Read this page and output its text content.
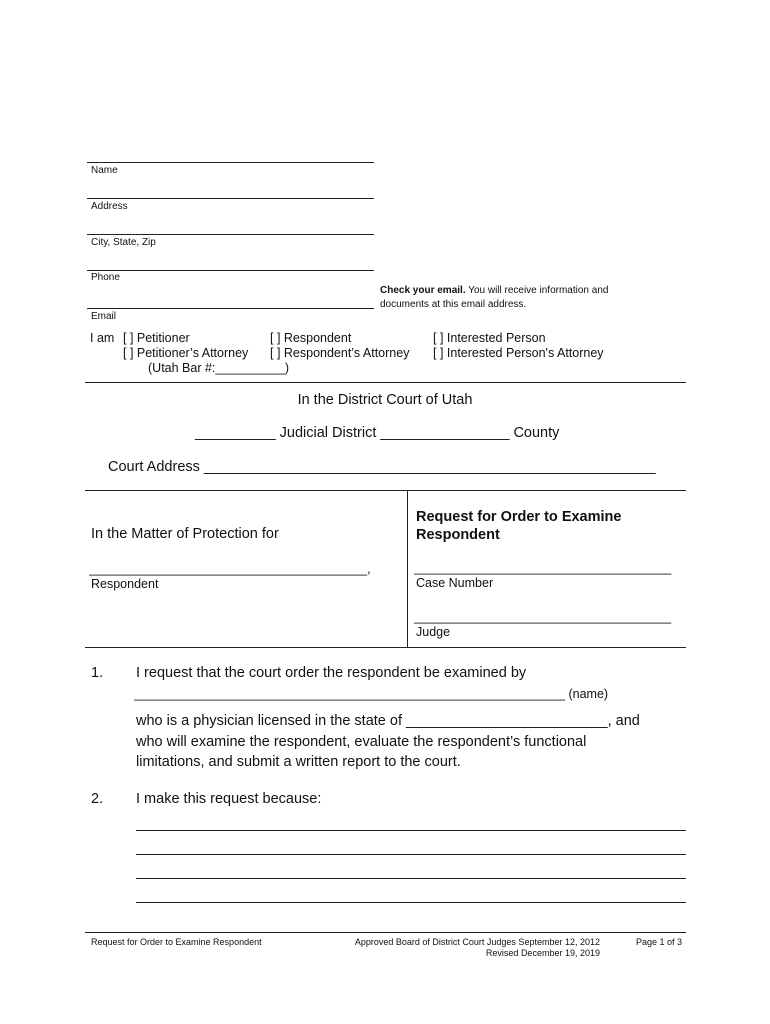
Name
Address
City, State, Zip
Phone
Email
Check your email. You will receive information and
documents at this email address.
I am [ ] Petitioner	[ ] Respondent	[ ] Interested Person
[ ] Petitioner’s Attorney [ ] Respondent’s Attorney [ ] Interested Person's Attorney
(Utah Bar #:__________)
In the District Court of Utah
__________ Judicial District ________________ County
Court Address ________________________________________________________
In the Matter of Protection for
________________________________________,
Respondent
Request for Order to Examine
Respondent
_____________________________________
Case Number
_____________________________________
Judge
1. I request that the court order the respondent be examined by
______________________________________________________________ (name)
who is a physician licensed in the state of _________________________, and
who will examine the respondent, evaluate the respondent’s functional
limitations, and submit a written report to the court.
2. I make this request because:
Request for Order to Examine Respondent	Approved Board of District Court Judges September 12, 2012
Revised December 19, 2019
Page 1 of 3
